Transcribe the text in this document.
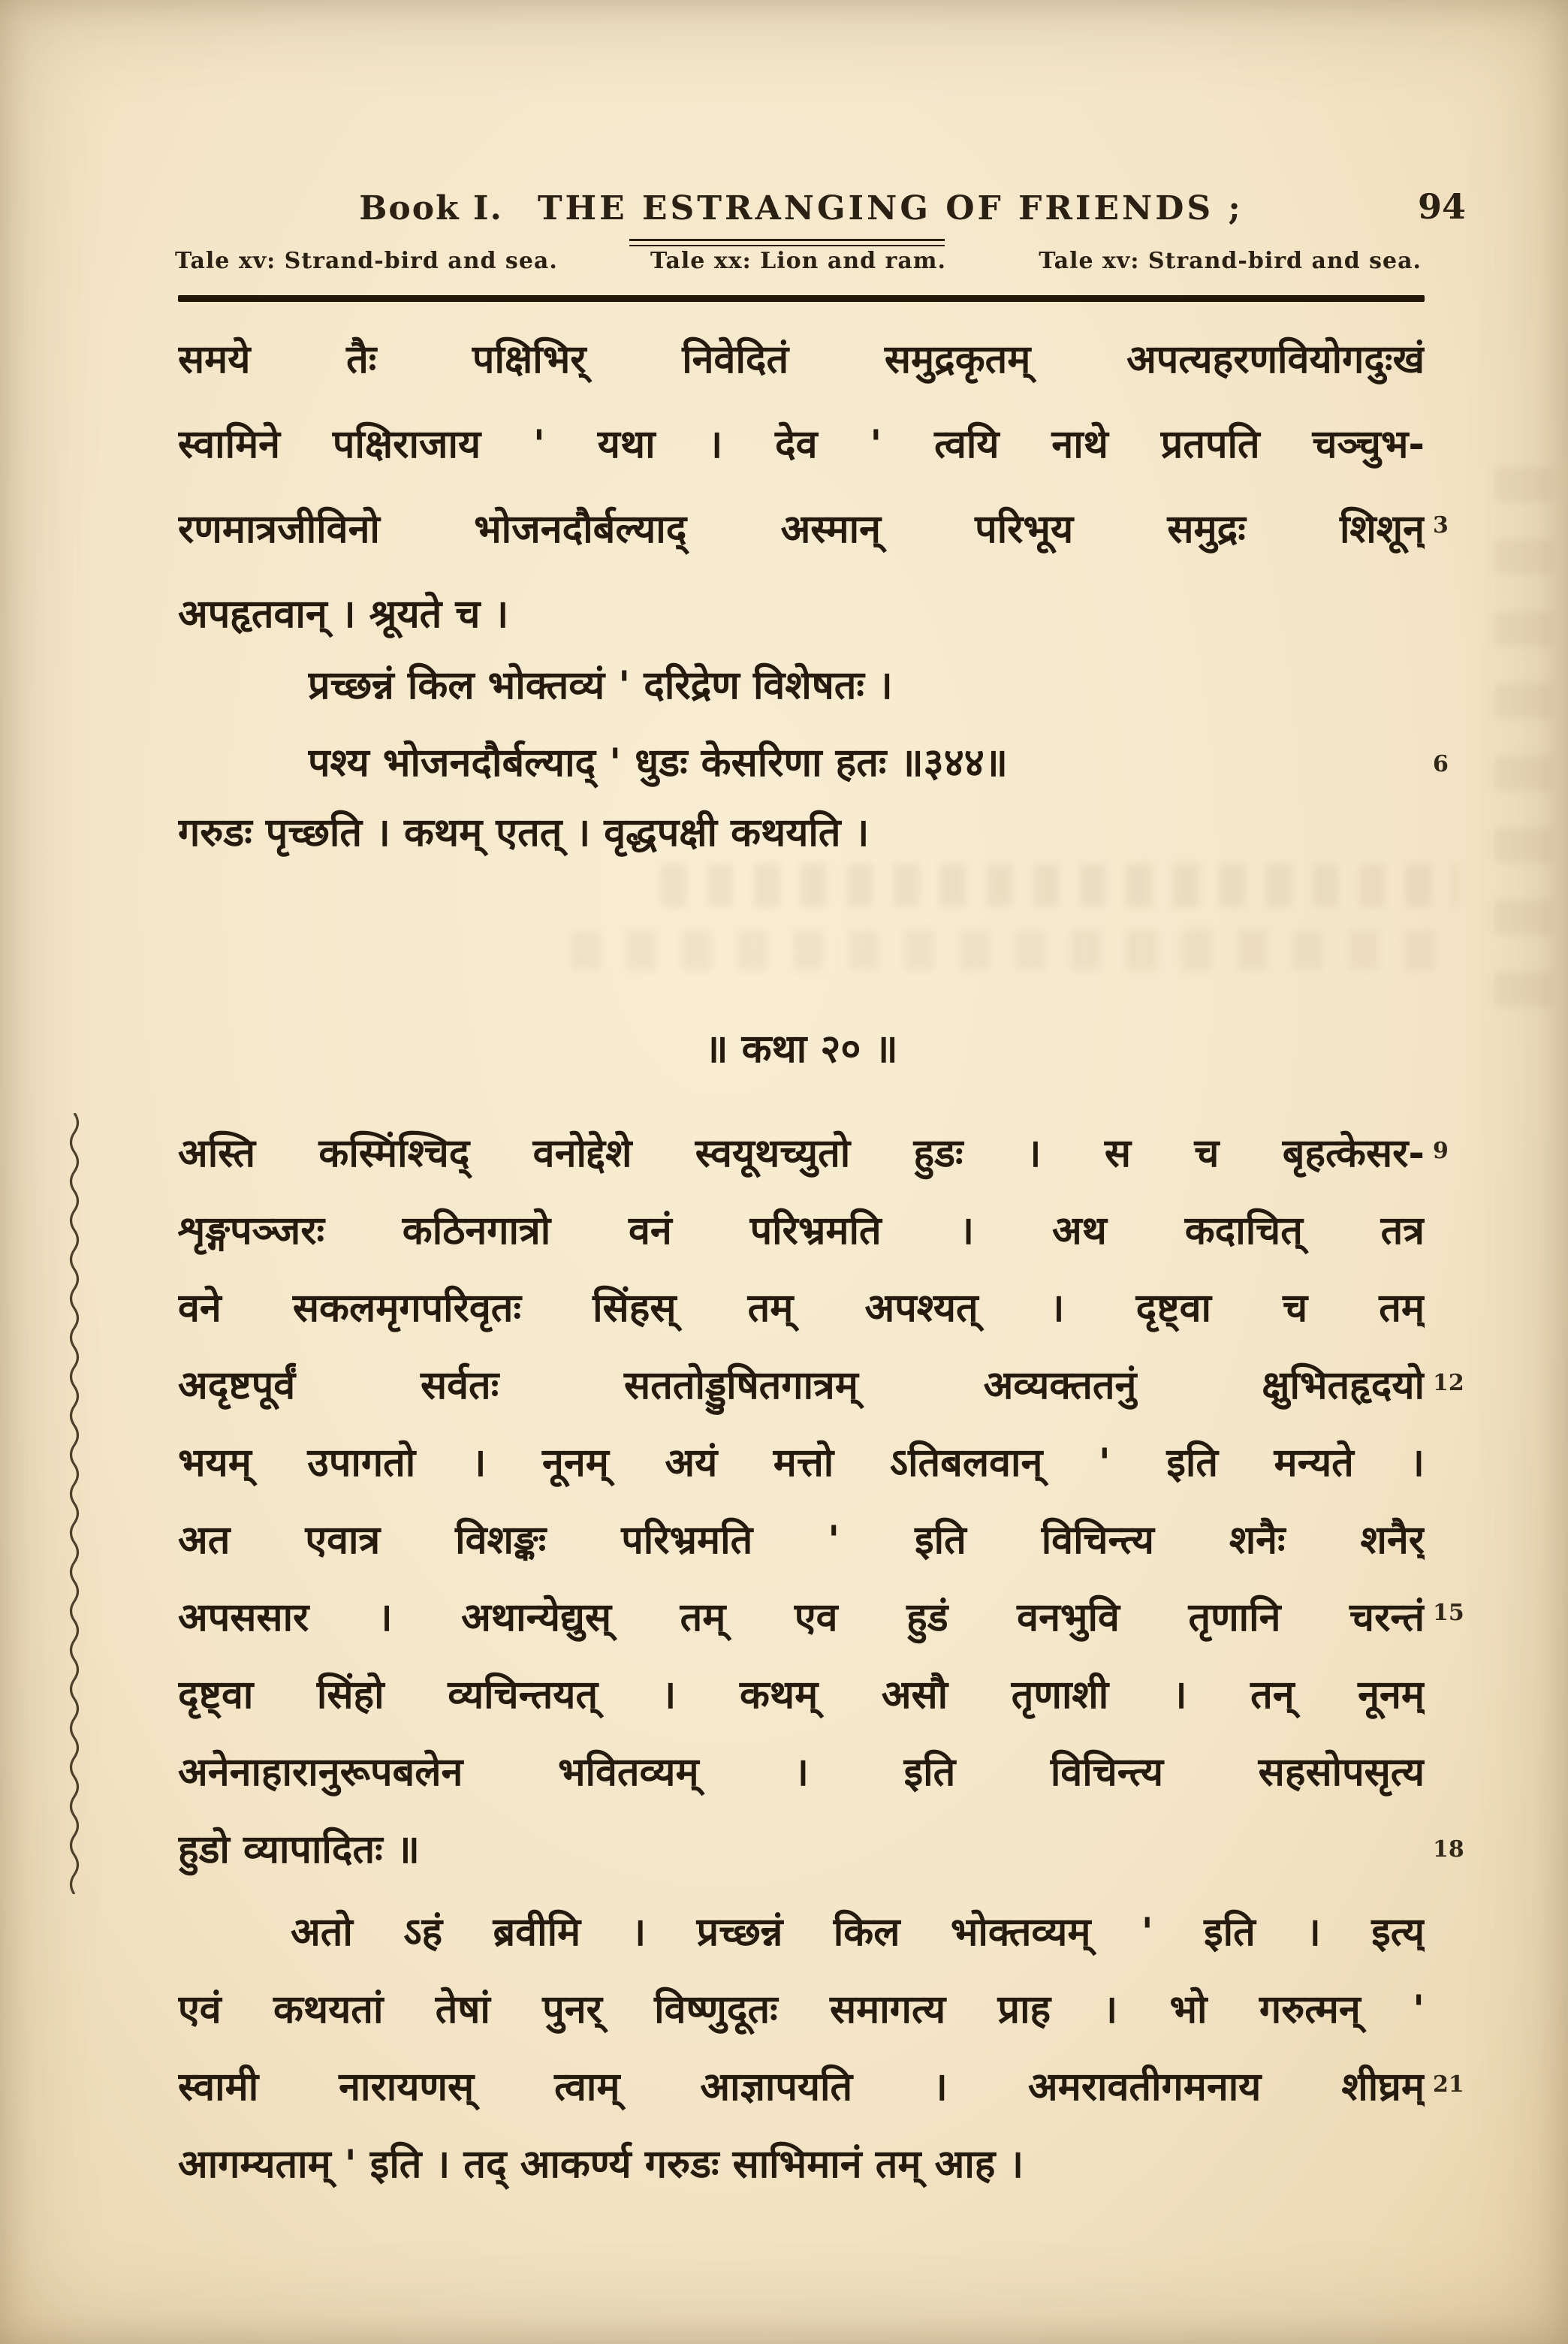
Book I. THE ESTRANGING OF FRIENDS ;	94
Tale xv: Strand-bird and sea.	Tale xx: Lion and ram.	Tale xv: Strand-bird and sea.
समये तैः पक्षिभिर् निवेदितं समुद्रकृतम् अपत्यहरणवियोगदुःखं
स्वामिने पक्षिराजाय ' यथा । देव ' त्वयि नाथे प्रतपति चञ्चुभ-
रणमात्रजीविनो भोजनदौर्बल्याद् अस्मान् परिभूय समुद्रः शिशून्
अपहृतवान् । श्रूयते च ।
प्रच्छन्नं किल भोक्तव्यं ' दरिद्रेण विशेषतः ।
पश्य भोजनदौर्बल्याद् ' धुडः केसरिणा हतः ॥३४४॥
गरुडः पृच्छति । कथम् एतत् । वृद्धपक्षी कथयति ।
॥ कथा २० ॥
अस्ति कस्मिंश्चिद् वनोद्देशे स्वयूथच्युतो हुडः । स च बृहत्केसर-
शृङ्गपञ्जरः कठिनगात्रो वनं परिभ्रमति । अथ कदाचित् तत्र
वने सकलमृगपरिवृतः सिंहस् तम् अपश्यत् । दृष्ट्वा च तम्
अदृष्टपूर्वं सर्वतः सततोड्डुषितगात्रम् अव्यक्ततनुं क्षुभितहृदयो
भयम् उपागतो । नूनम् अयं मत्तो ऽतिबलवान् ' इति मन्यते ।
अत एवात्र विशङ्कः परिभ्रमति ' इति विचिन्त्य शनैः शनैर्
अपससार । अथान्येद्युस् तम् एव हुडं वनभुवि तृणानि चरन्तं
दृष्ट्वा सिंहो व्यचिन्तयत् । कथम् असौ तृणाशी । तन् नूनम्
अनेनाहारानुरूपबलेन भवितव्यम् । इति विचिन्त्य सहसोपसृत्य
हुडो व्यापादितः ॥
अतो ऽहं ब्रवीमि । प्रच्छन्नं किल भोक्तव्यम् ' इति । इत्य्
एवं कथयतां तेषां पुनर् विष्णुदूतः समागत्य प्राह । भो गरुत्मन् '
स्वामी नारायणस् त्वाम् आज्ञापयति । अमरावतीगमनाय शीघ्रम्
आगम्यताम् ' इति । तद् आकर्ण्य गरुडः साभिमानं तम् आह ।
3
6
9
12
15
18
21
